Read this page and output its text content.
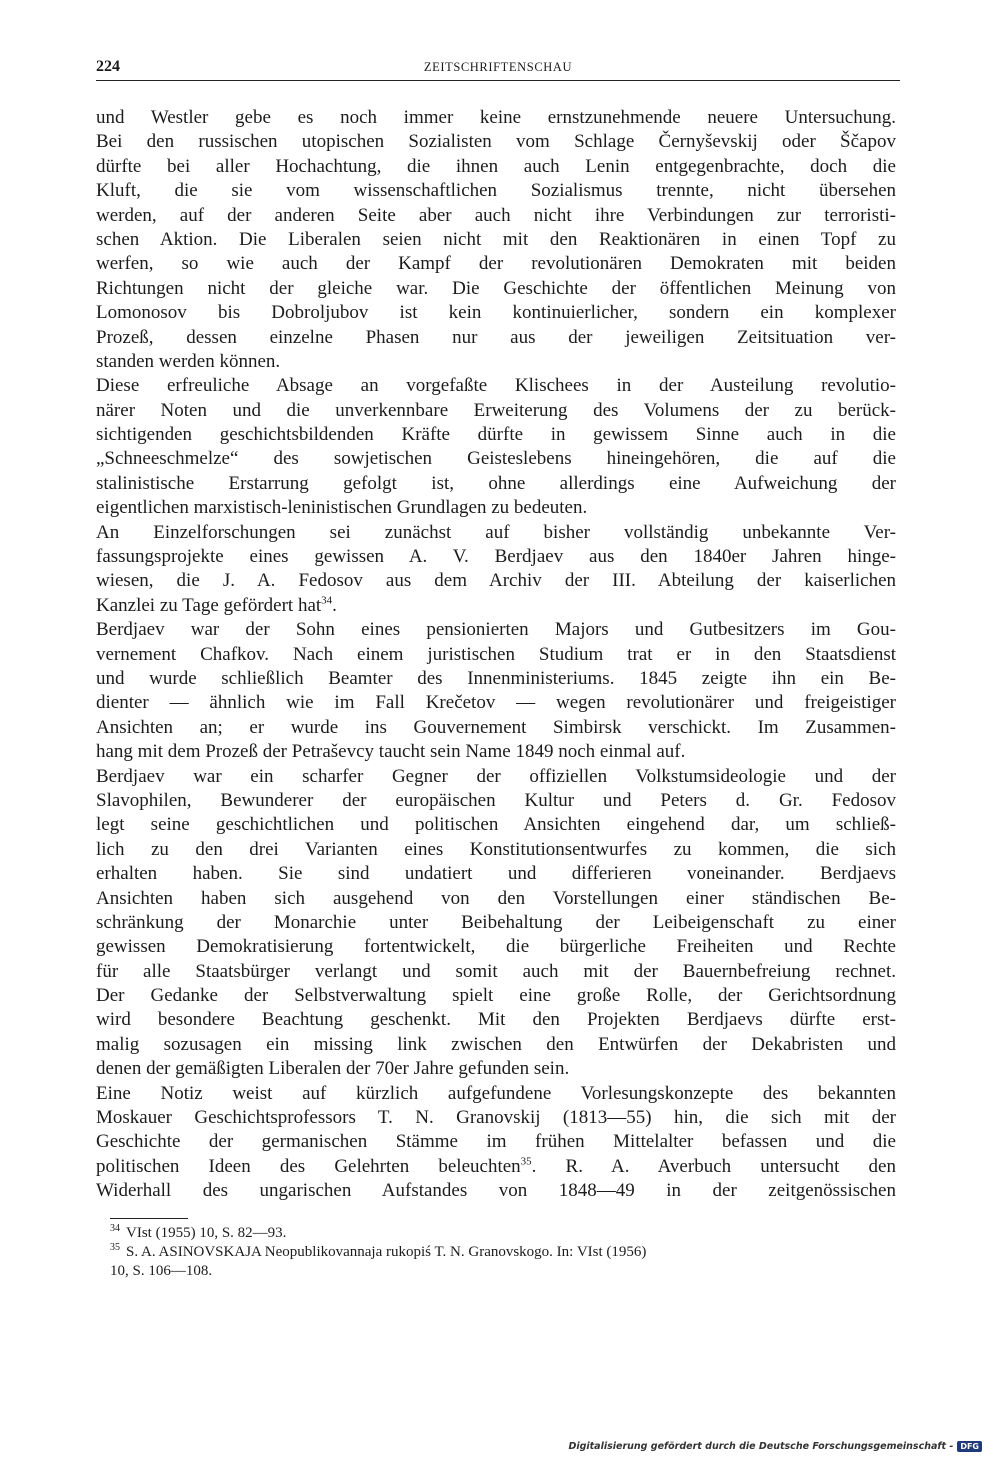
224	ZEITSCHRIFTENSCHAU
und Westler gebe es noch immer keine ernstzunehmende neuere Untersuchung.
Bei den russischen utopischen Sozialisten vom Schlage Černyševskij oder Ščapov
dürfte bei aller Hochachtung, die ihnen auch Lenin entgegenbrachte, doch die
Kluft, die sie vom wissenschaftlichen Sozialismus trennte, nicht übersehen
werden, auf der anderen Seite aber auch nicht ihre Verbindungen zur terroristi-
schen Aktion. Die Liberalen seien nicht mit den Reaktionären in einen Topf zu
werfen, so wie auch der Kampf der revolutionären Demokraten mit beiden
Richtungen nicht der gleiche war. Die Geschichte der öffentlichen Meinung von
Lomonosov bis Dobroljubov ist kein kontinuierlicher, sondern ein komplexer
Prozeß, dessen einzelne Phasen nur aus der jeweiligen Zeitsituation ver-
standen werden können.
Diese erfreuliche Absage an vorgefaßte Klischees in der Austeilung revolutio-
närer Noten und die unverkennbare Erweiterung des Volumens der zu berück-
sichtigenden geschichtsbildenden Kräfte dürfte in gewissem Sinne auch in die
„Schneeschmelze“ des sowjetischen Geisteslebens hineingehören, die auf die
stalinistische Erstarrung gefolgt ist, ohne allerdings eine Aufweichung der
eigentlichen marxistisch-leninistischen Grundlagen zu bedeuten.
An Einzelforschungen sei zunächst auf bisher vollständig unbekannte Ver-
fassungsprojekte eines gewissen A. V. Berdjaev aus den 1840er Jahren hinge-
wiesen, die J. A. Fedosov aus dem Archiv der III. Abteilung der kaiserlichen
Kanzlei zu Tage gefördert hat$^{34}$.
Berdjaev war der Sohn eines pensionierten Majors und Gutbesitzers im Gou-
vernement Chafkov. Nach einem juristischen Studium trat er in den Staatsdienst
und wurde schließlich Beamter des Innenministeriums. 1845 zeigte ihn ein Be-
dienter — ähnlich wie im Fall Krečetov — wegen revolutionärer und freigeistiger
Ansichten an; er wurde ins Gouvernement Simbirsk verschickt. Im Zusammen-
hang mit dem Prozeß der Petraševcy taucht sein Name 1849 noch einmal auf.
Berdjaev war ein scharfer Gegner der offiziellen Volkstumsideologie und der
Slavophilen, Bewunderer der europäischen Kultur und Peters d. Gr. Fedosov
legt seine geschichtlichen und politischen Ansichten eingehend dar, um schließ-
lich zu den drei Varianten eines Konstitutionsentwurfes zu kommen, die sich
erhalten haben. Sie sind undatiert und differieren voneinander. Berdjaevs
Ansichten haben sich ausgehend von den Vorstellungen einer ständischen Be-
schränkung der Monarchie unter Beibehaltung der Leibeigenschaft zu einer
gewissen Demokratisierung fortentwickelt, die bürgerliche Freiheiten und Rechte
für alle Staatsbürger verlangt und somit auch mit der Bauernbefreiung rechnet.
Der Gedanke der Selbstverwaltung spielt eine große Rolle, der Gerichtsordnung
wird besondere Beachtung geschenkt. Mit den Projekten Berdjaevs dürfte erst-
malig sozusagen ein missing link zwischen den Entwürfen der Dekabristen und
denen der gemäßigten Liberalen der 70er Jahre gefunden sein.
Eine Notiz weist auf kürzlich aufgefundene Vorlesungskonzepte des bekannten
Moskauer Geschichtsprofessors T. N. Granovskij (1813—55) hin, die sich mit der
Geschichte der germanischen Stämme im frühen Mittelalter befassen und die
politischen Ideen des Gelehrten beleuchten$^{35}$. R. A. Averbuch untersucht den
Widerhall des ungarischen Aufstandes von 1848—49 in der zeitgenössischen
$^{34}$ VIst (1955) 10, S. 82—93.
$^{35}$ S. A. ASINOVSKAJA Neopublikovannaja rukopiś T. N. Granovskogo. In: VIst (1956)
10, S. 106—108.
Digitalisierung gefördert durch die Deutsche Forschungsgemeinschaft - DFG
